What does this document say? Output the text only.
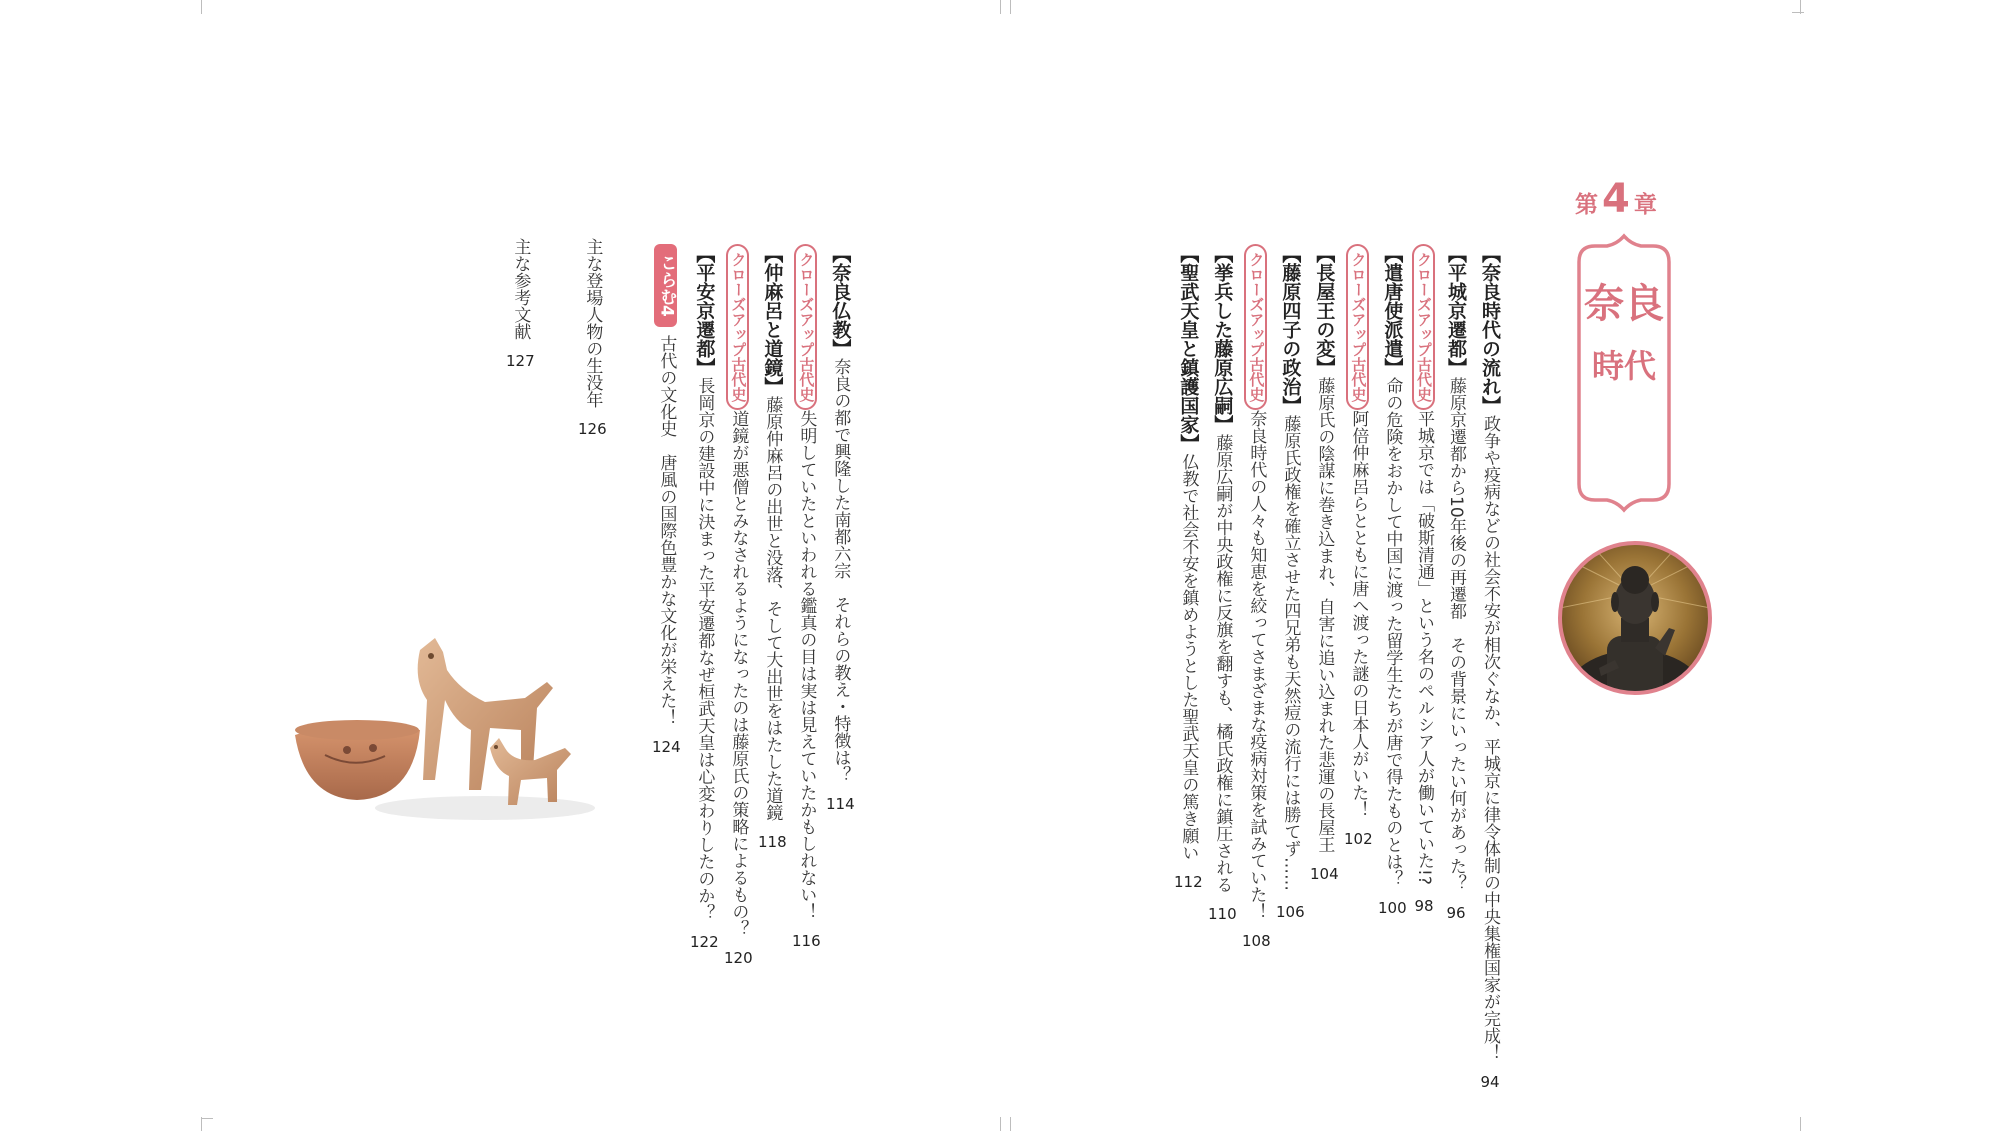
第 4 章
奈良
時代
【奈良時代の流れ】政争や疫病などの社会不安が相次ぐなか、平城京に律令体制の中央集権国家が完成！94
【平城京遷都】藤原京遷都から10年後の再遷都　その背景にいったい何があった？96
クローズアップ古代史平城京では「破斯清通」という名のペルシア人が働いていた!?98
【遣唐使派遣】命の危険をおかして中国に渡った留学生たちが唐で得たものとは？100
クローズアップ古代史阿倍仲麻呂らとともに唐へ渡った謎の日本人がいた！102
【長屋王の変】藤原氏の陰謀に巻き込まれ、自害に追い込まれた悲運の長屋王104
【藤原四子の政治】藤原氏政権を確立させた四兄弟も天然痘の流行には勝てず……106
クローズアップ古代史奈良時代の人々も知恵を絞ってさまざまな疫病対策を試みていた！108
【挙兵した藤原広嗣】藤原広嗣が中央政権に反旗を翻すも、橘氏政権に鎮圧される110
【聖武天皇と鎮護国家】仏教で社会不安を鎮めようとした聖武天皇の篤き願い112
【奈良仏教】奈良の都で興隆した南都六宗　それらの教え・特徴は？114
クローズアップ古代史失明していたといわれる鑑真の目は実は見えていたかもしれない！116
【仲麻呂と道鏡】藤原仲麻呂の出世と没落、そして大出世をはたした道鏡118
クローズアップ古代史道鏡が悪僧とみなされるようになったのは藤原氏の策略によるもの？120
【平安京遷都】長岡京の建設中に決まった平安遷都なぜ桓武天皇は心変わりしたのか？122
こらむ4古代の文化史　唐風の国際色豊かな文化が栄えた！124
主な登場人物の生没年126
主な参考文献127
